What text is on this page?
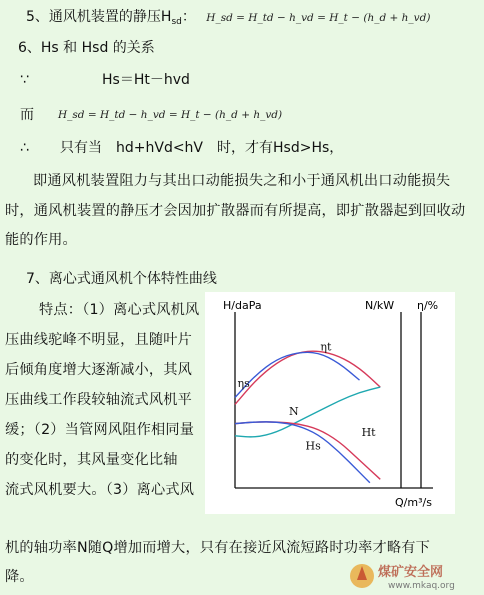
5、通风机装置的静压$H_{sd}$： H_sd = H_td − h_vd = H_t − (h_d + h_vd)
6、Hs 和 Hsd 的关系
∵	Hs＝Ht－hvd
而 H_sd = H_td − h_vd = H_t − (h_d + h_vd)
∴ 只有当　hd+hVd<hV　时，才有Hsd>Hs，
即通风机装置阻力与其出口动能损失之和小于通风机出口动能损失时，通风机装置的静压才会因加扩散器而有所提高，即扩散器起到回收动能的作用。
7、离心式通风机个体特性曲线
特点：（1）离心式风机风
压曲线驼峰不明显，且随叶片
后倾角度增大逐渐减小，其风
压曲线工作段较轴流式风机平
缓；（2）当管网风阻作相同量
的变化时，其风量变化比轴
流式风机要大。（3）离心式风
机的轴功率N随Q增加而增大，只有在接近风流短路时功率才略有下
降。
H/daPa	N/kW η/%
Q/m³/s
ηt
ηs
N
Ht
Hs
煤矿安全网
www.mkaq.org
